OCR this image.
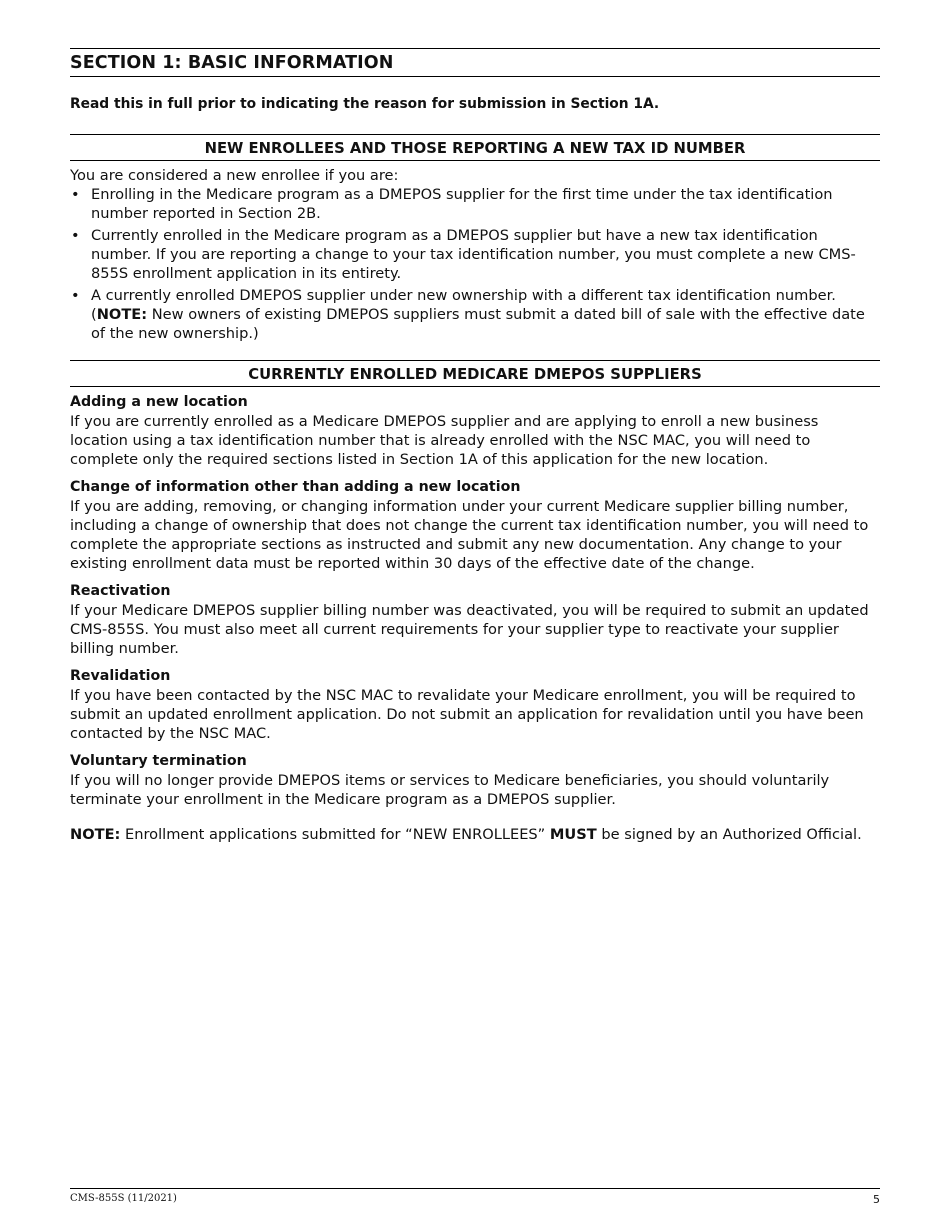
SECTION 1: BASIC INFORMATION
Read this in full prior to indicating the reason for submission in Section 1A.
NEW ENROLLEES AND THOSE REPORTING A NEW TAX ID NUMBER

You are considered a new enrollee if you are:

• Enrolling in the Medicare program as a DMEPOS supplier for the first time under the tax identification number reported in Section 2B.
• Currently enrolled in the Medicare program as a DMEPOS supplier but have a new tax identification number. If you are reporting a change to your tax identification number, you must complete a new CMS-855S enrollment application in its entirety.
• A currently enrolled DMEPOS supplier under new ownership with a different tax identification number.
(NOTE: New owners of existing DMEPOS suppliers must submit a dated bill of sale with the effective date of the new ownership.)
CURRENTLY ENROLLED MEDICARE DMEPOS SUPPLIERS
Adding a new location

If you are currently enrolled as a Medicare DMEPOS supplier and are applying to enroll a new business location using a tax identification number that is already enrolled with the NSC MAC, you will need to complete only the required sections listed in Section 1A of this application for the new location.

Change of information other than adding a new location

If you are adding, removing, or changing information under your current Medicare supplier billing number, including a change of ownership that does not change the current tax identification number, you will need to complete the appropriate sections as instructed and submit any new documentation. Any change to your existing enrollment data must be reported within 30 days of the effective date of the change.

Reactivation

If your Medicare DMEPOS supplier billing number was deactivated, you will be required to submit an updated CMS-855S. You must also meet all current requirements for your supplier type to reactivate your supplier billing number.

Revalidation

If you have been contacted by the NSC MAC to revalidate your Medicare enrollment, you will be required to submit an updated enrollment application. Do not submit an application for revalidation until you have been contacted by the NSC MAC.

Voluntary termination

If you will no longer provide DMEPOS items or services to Medicare beneficiaries, you should voluntarily terminate your enrollment in the Medicare program as a DMEPOS supplier.

NOTE: Enrollment applications submitted for “NEW ENROLLEES” MUST be signed by an Authorized Official.

CMS-855S (11/2021)	5
